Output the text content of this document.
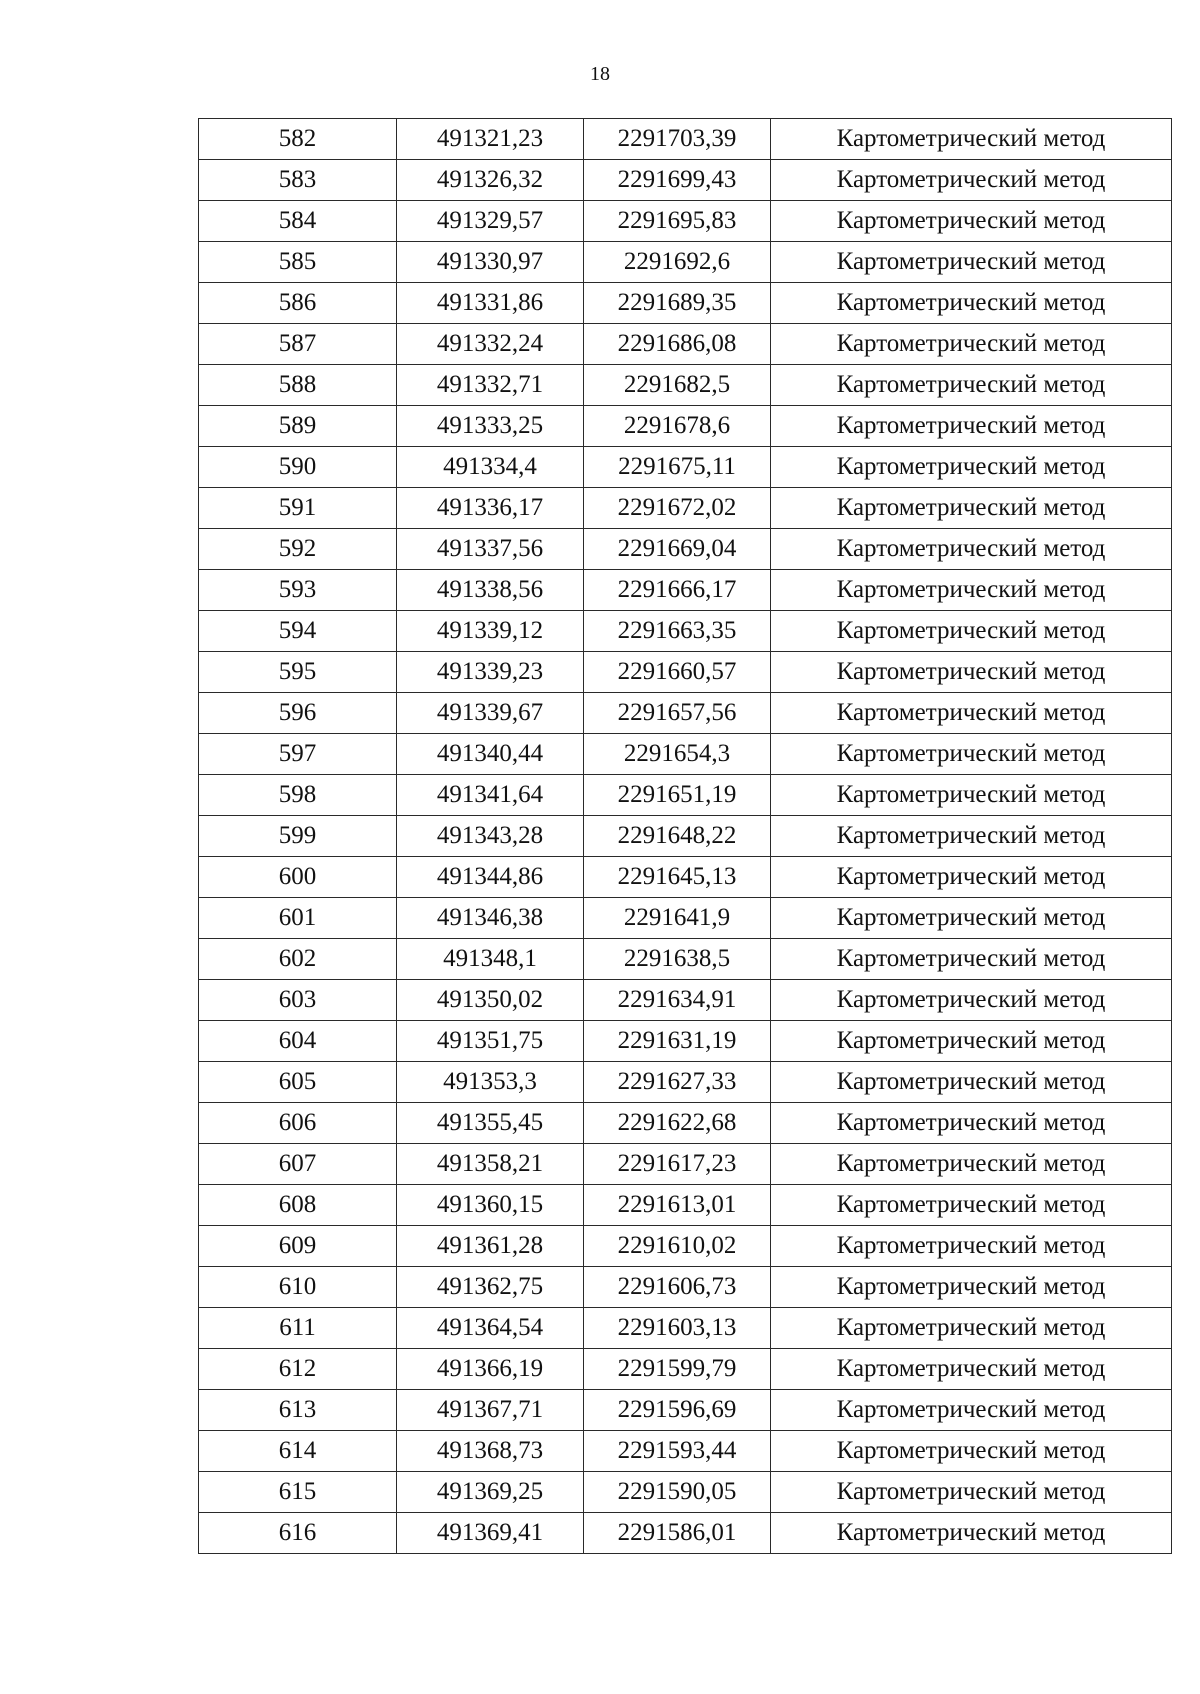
18
582	491321,23	2291703,39	Картометрический метод
583	491326,32	2291699,43	Картометрический метод
584	491329,57	2291695,83	Картометрический метод
585	491330,97	2291692,6	Картометрический метод
586	491331,86	2291689,35	Картометрический метод
587	491332,24	2291686,08	Картометрический метод
588	491332,71	2291682,5	Картометрический метод
589	491333,25	2291678,6	Картометрический метод
590	491334,4	2291675,11	Картометрический метод
591	491336,17	2291672,02	Картометрический метод
592	491337,56	2291669,04	Картометрический метод
593	491338,56	2291666,17	Картометрический метод
594	491339,12	2291663,35	Картометрический метод
595	491339,23	2291660,57	Картометрический метод
596	491339,67	2291657,56	Картометрический метод
597	491340,44	2291654,3	Картометрический метод
598	491341,64	2291651,19	Картометрический метод
599	491343,28	2291648,22	Картометрический метод
600	491344,86	2291645,13	Картометрический метод
601	491346,38	2291641,9	Картометрический метод
602	491348,1	2291638,5	Картометрический метод
603	491350,02	2291634,91	Картометрический метод
604	491351,75	2291631,19	Картометрический метод
605	491353,3	2291627,33	Картометрический метод
606	491355,45	2291622,68	Картометрический метод
607	491358,21	2291617,23	Картометрический метод
608	491360,15	2291613,01	Картометрический метод
609	491361,28	2291610,02	Картометрический метод
610	491362,75	2291606,73	Картометрический метод
611	491364,54	2291603,13	Картометрический метод
612	491366,19	2291599,79	Картометрический метод
613	491367,71	2291596,69	Картометрический метод
614	491368,73	2291593,44	Картометрический метод
615	491369,25	2291590,05	Картометрический метод
616	491369,41	2291586,01	Картометрический метод
